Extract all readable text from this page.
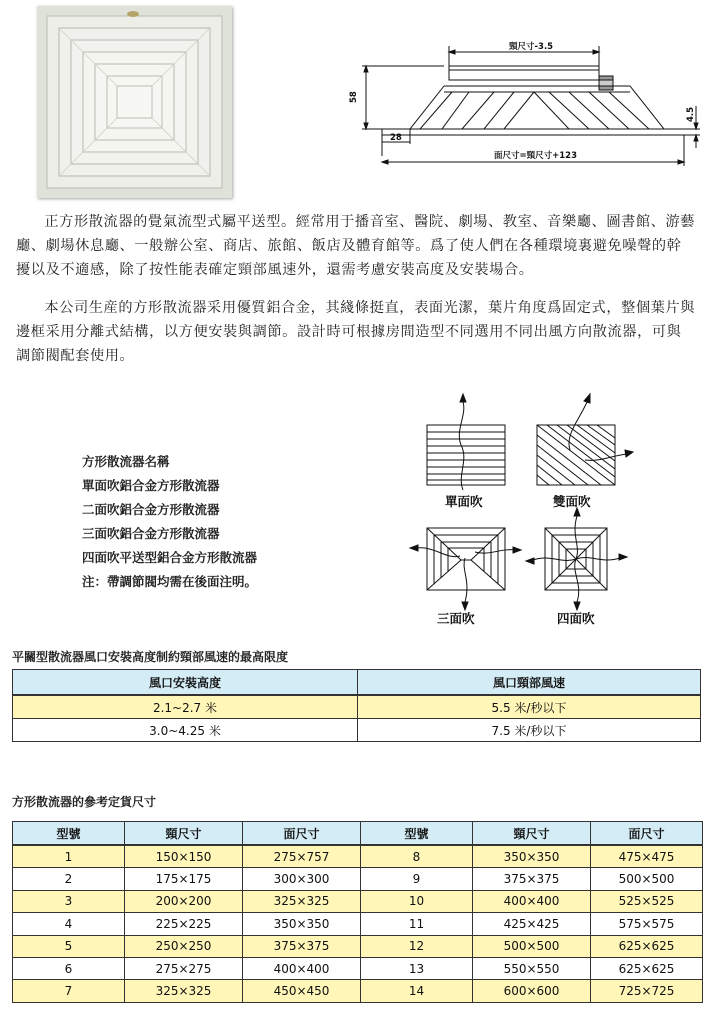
頸尺寸-3.5
58
28
4.5
面尺寸=頸尺寸+123

正方形散流器的覺氣流型式屬平送型。經常用于播音室、醫院、劇場、教室、音樂廳、圖書館、游藝廳、劇場休息廳、一般辦公室、商店、旅館、飯店及體育館等。爲了使人們在各種環境裏避免噪聲的幹擾以及不適感，除了按性能表確定頸部風速外，還需考慮安裝高度及安裝場合。

本公司生産的方形散流器采用優質鋁合金，其綫條挺直，表面光潔，葉片角度爲固定式，整個葉片與邊框采用分離式結構，以方便安裝與調節。設計時可根據房間造型不同選用不同出風方向散流器，可與調節閥配套使用。

方形散流器名稱
單面吹鋁合金方形散流器
二面吹鋁合金方形散流器
三面吹鋁合金方形散流器
四面吹平送型鋁合金方形散流器
注：帶調節閥均需在後面注明。
單面吹	雙面吹
三面吹	四面吹

平關型散流器風口安裝高度制約頸部風速的最高限度

風口安裝高度	風口頸部風速
2.1~2.7 米	5.5 米/秒以下
3.0~4.25 米	7.5 米/秒以下

方形散流器的參考定貨尺寸

型號	頸尺寸	面尺寸	型號	頸尺寸	面尺寸
1	150×150	275×757	8	350×350	475×475
2	175×175	300×300	9	375×375	500×500
3	200×200	325×325	10	400×400	525×525
4	225×225	350×350	11	425×425	575×575
5	250×250	375×375	12	500×500	625×625
6	275×275	400×400	13	550×550	625×625
7	325×325	450×450	14	600×600	725×725
